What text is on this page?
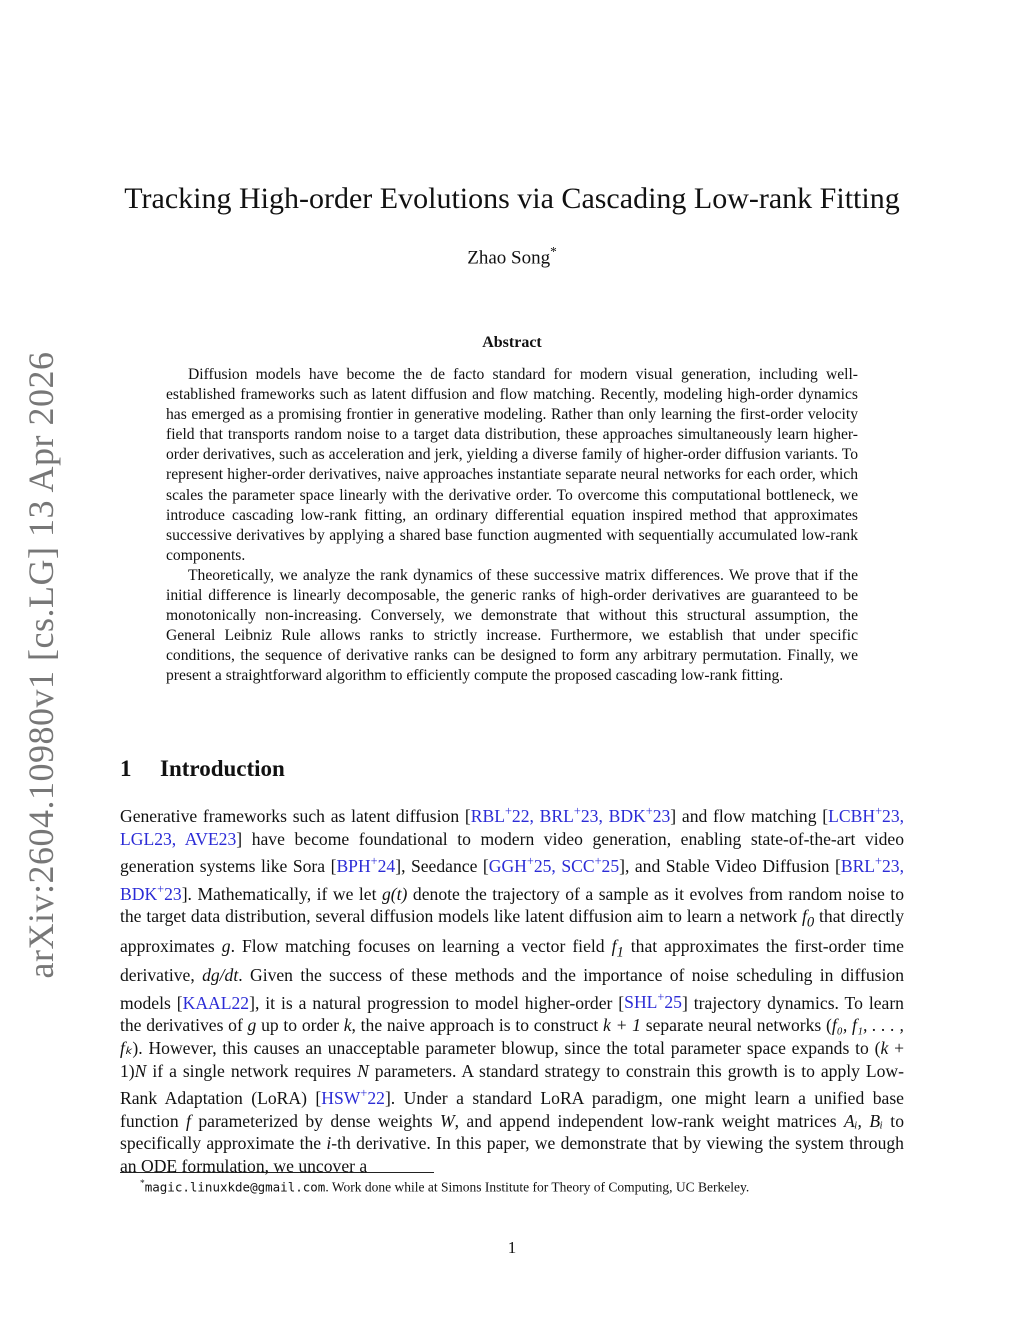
arXiv:2604.10980v1 [cs.LG] 13 Apr 2026
Tracking High-order Evolutions via Cascading Low-rank Fitting
Zhao Song*
Abstract

Diffusion models have become the de facto standard for modern visual generation, including well-established frameworks such as latent diffusion and flow matching. Recently, modeling high-order dynamics has emerged as a promising frontier in generative modeling. Rather than only learning the first-order velocity field that transports random noise to a target data distribution, these approaches simultaneously learn higher-order derivatives, such as acceleration and jerk, yielding a diverse family of higher-order diffusion variants. To represent higher-order derivatives, naive approaches instantiate separate neural networks for each order, which scales the parameter space linearly with the derivative order. To overcome this computational bottleneck, we introduce cascading low-rank fitting, an ordinary differential equation inspired method that approximates successive derivatives by applying a shared base function augmented with sequentially accumulated low-rank components.

Theoretically, we analyze the rank dynamics of these successive matrix differences. We prove that if the initial difference is linearly decomposable, the generic ranks of high-order derivatives are guaranteed to be monotonically non-increasing. Conversely, we demonstrate that without this structural assumption, the General Leibniz Rule allows ranks to strictly increase. Furthermore, we establish that under specific conditions, the sequence of derivative ranks can be designed to form any arbitrary permutation. Finally, we present a straightforward algorithm to efficiently compute the proposed cascading low-rank fitting.

1 Introduction

Generative frameworks such as latent diffusion [RBL+22, BRL+23, BDK+23] and flow matching [LCBH+23, LGL23, AVE23] have become foundational to modern video generation, enabling state-of-the-art video generation systems like Sora [BPH+24], Seedance [GGH+25, SCC+25], and Stable Video Diffusion [BRL+23, BDK+23]. Mathematically, if we let g(t) denote the trajectory of a sample as it evolves from random noise to the target data distribution, several diffusion models like latent diffusion aim to learn a network $f_0$ that directly approximates g. Flow matching focuses on learning a vector field $f_1$ that approximates the first-order time derivative, dg/dt. Given the success of these methods and the importance of noise scheduling in diffusion models [KAAL22], it is a natural progression to model higher-order [SHL+25] trajectory dynamics. To learn the derivatives of g up to order k, the naive approach is to construct k + 1 separate neural networks (f₀, f₁, . . . , fₖ). However, this causes an unacceptable parameter blowup, since the total parameter space expands to (k + 1)N if a single network requires N parameters. A standard strategy to constrain this growth is to apply Low-Rank Adaptation (LoRA) [HSW+22]. Under a standard LoRA paradigm, one might learn a unified base function f parameterized by dense weights W, and append independent low-rank weight matrices Aᵢ, Bᵢ to specifically approximate the i-th derivative. In this paper, we demonstrate that by viewing the system through an ODE formulation, we uncover a

*magic.linuxkde@gmail.com. Work done while at Simons Institute for Theory of Computing, UC Berkeley.
1
